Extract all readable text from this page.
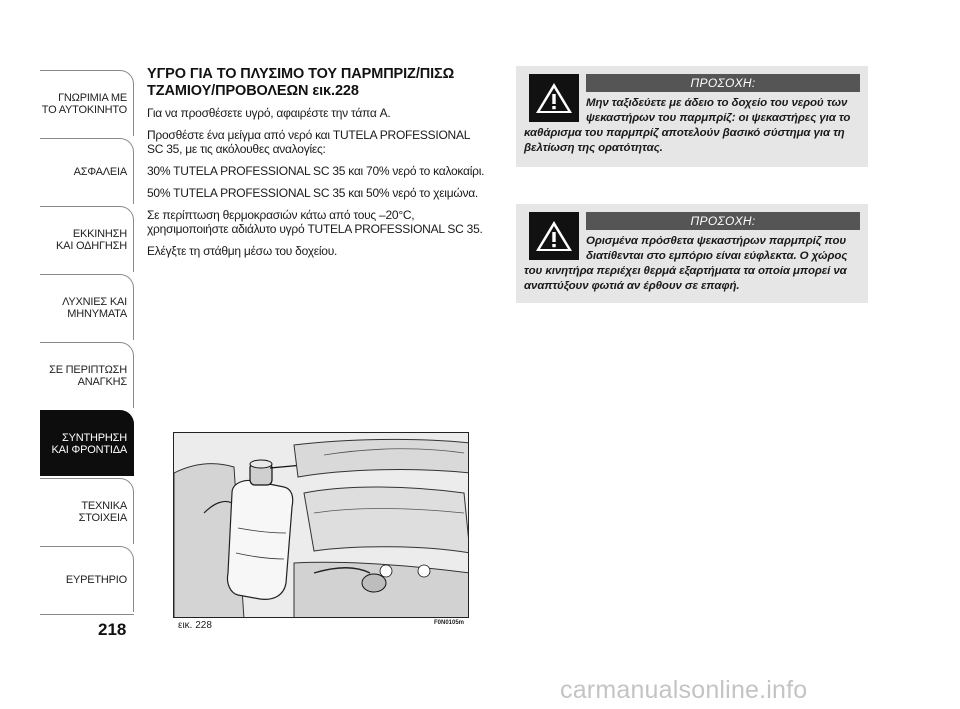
ΓΝΩΡΙΜΙΑ ΜΕ
ΤΟ ΑΥΤΟΚΙΝΗΤΟ
ΑΣΦΑΛΕΙΑ
ΕΚΚΙΝΗΣΗ
ΚΑΙ ΟΔΗΓΗΣΗ
ΛΥΧΝΙΕΣ ΚΑΙ
ΜΗΝΥΜΑΤΑ
ΣΕ ΠΕΡΙΠΤΩΣΗ
ΑΝΑΓΚΗΣ
ΣΥΝΤΗΡΗΣΗ
ΚΑΙ ΦΡΟΝΤΙΔΑ
ΤΕΧΝΙΚΑ
ΣΤΟΙΧΕΙΑ
ΕΥΡΕΤΗΡΙΟ
218
ΥΓΡΟ ΓΙΑ ΤΟ ΠΛΥΣΙΜΟ ΤΟΥ ΠΑΡΜΠΡΙΖ/ΠΙΣΩ
ΤΖΑΜΙΟΥ/ΠΡΟΒΟΛΕΩΝ εικ.228

Για να προσθέσετε υγρό, αφαιρέστε την τάπα A.

Προσθέστε ένα μείγμα από νερό και TUTELA PROFESSIONAL
SC 35, με τις ακόλουθες αναλογίες:

30% TUTELA PROFESSIONAL SC 35 και 70% νερό το καλοκαίρι.

50% TUTELA PROFESSIONAL SC 35 και 50% νερό το χειμώνα.

Σε περίπτωση θερμοκρασιών κάτω από τους –20°C,
χρησιμοποιήστε αδιάλυτο υγρό TUTELA PROFESSIONAL SC 35.

Ελέγξτε τη στάθμη μέσω του δοχείου.

ΠΡΟΣΟΧΗ:
Μην ταξιδεύετε με άδειο το δοχείο του νερού των ψεκαστήρων του παρμπρίζ: οι ψεκαστήρες για το
καθάρισμα του παρμπρίζ αποτελούν βασικό σύστημα για τη βελτίωση της ορατότητας.
ΠΡΟΣΟΧΗ:
Ορισμένα πρόσθετα ψεκαστήρων παρμπρίζ που διατίθενται στο εμπόριο είναι εύφλεκτα. Ο χώρος
του κινητήρα περιέχει θερμά εξαρτήματα τα οποία μπορεί να αναπτύξουν φωτιά αν έρθουν σε επαφή.
εικ. 228	F0N0105m
carmanualsonline.info
